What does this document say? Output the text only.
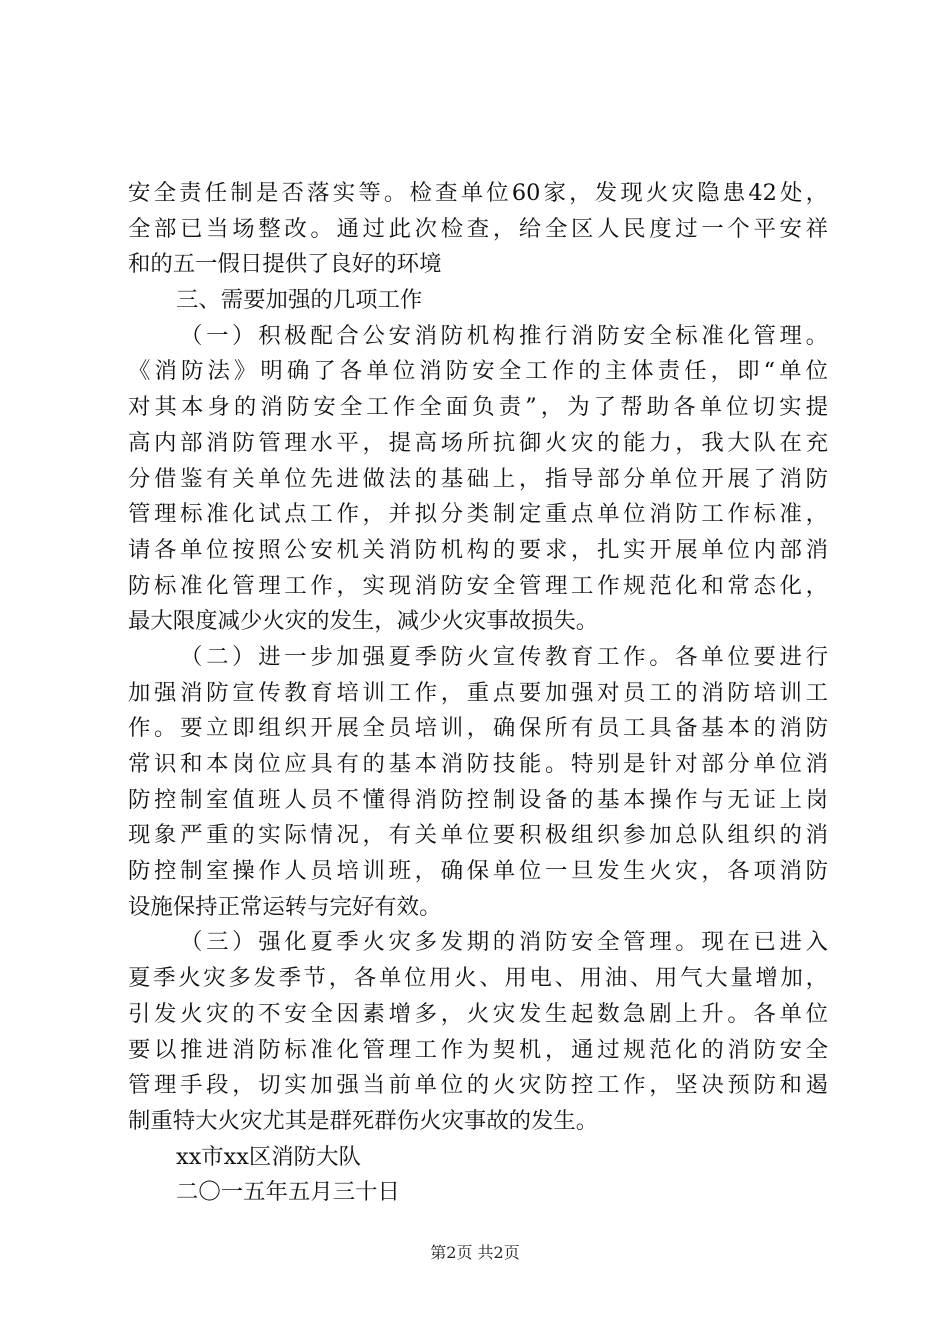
安全责任制是否落实等。检查单位60家，发现火灾隐患42处，
全部已当场整改。通过此次检查，给全区人民度过一个平安祥
和的五一假日提供了良好的环境
三、需要加强的几项工作
（一）积极配合公安消防机构推行消防安全标准化管理。
《消防法》明确了各单位消防安全工作的主体责任，即“单位
对其本身的消防安全工作全面负责”，为了帮助各单位切实提
高内部消防管理水平，提高场所抗御火灾的能力，我大队在充
分借鉴有关单位先进做法的基础上，指导部分单位开展了消防
管理标准化试点工作，并拟分类制定重点单位消防工作标准，
请各单位按照公安机关消防机构的要求，扎实开展单位内部消
防标准化管理工作，实现消防安全管理工作规范化和常态化，
最大限度减少火灾的发生，减少火灾事故损失。
（二）进一步加强夏季防火宣传教育工作。各单位要进行
加强消防宣传教育培训工作，重点要加强对员工的消防培训工
作。要立即组织开展全员培训，确保所有员工具备基本的消防
常识和本岗位应具有的基本消防技能。特别是针对部分单位消
防控制室值班人员不懂得消防控制设备的基本操作与无证上岗
现象严重的实际情况，有关单位要积极组织参加总队组织的消
防控制室操作人员培训班，确保单位一旦发生火灾，各项消防
设施保持正常运转与完好有效。
（三）强化夏季火灾多发期的消防安全管理。现在已进入
夏季火灾多发季节，各单位用火、用电、用油、用气大量增加，
引发火灾的不安全因素增多，火灾发生起数急剧上升。各单位
要以推进消防标准化管理工作为契机，通过规范化的消防安全
管理手段，切实加强当前单位的火灾防控工作，坚决预防和遏
制重特大火灾尤其是群死群伤火灾事故的发生。
xx市xx区消防大队
二〇一五年五月三十日
第2页 共2页
